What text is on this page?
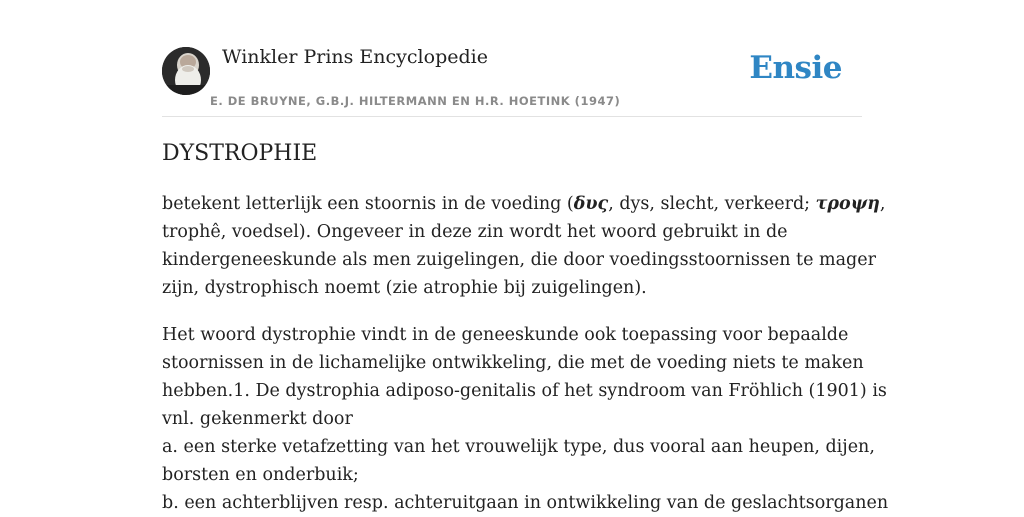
Winkler Prins Encyclopedie
E. DE BRUYNE, G.B.J. HILTERMANN EN H.R. HOETINK (1947)
Ensie
DYSTROPHIE

betekent letterlijk een stoornis in de voeding (δυς, dys, slecht, verkeerd; τροψη,
trophê, voedsel). Ongeveer in deze zin wordt het woord gebruikt in de
kindergeneeskunde als men zuigelingen, die door voedingsstoornissen te mager
zijn, dystrophisch noemt (zie atrophie bij zuigelingen).

Het woord dystrophie vindt in de geneeskunde ook toepassing voor bepaalde
stoornissen in de lichamelijke ontwikkeling, die met de voeding niets te maken
hebben.1. De dystrophia adiposo-genitalis of het syndroom van Fröhlich (1901) is
vnl. gekenmerkt door
a. een sterke vetafzetting van het vrouwelijk type, dus vooral aan heupen, dijen,
borsten en onderbuik;
b. een achterblijven resp. achteruitgaan in ontwikkeling van de geslachtsorganen
